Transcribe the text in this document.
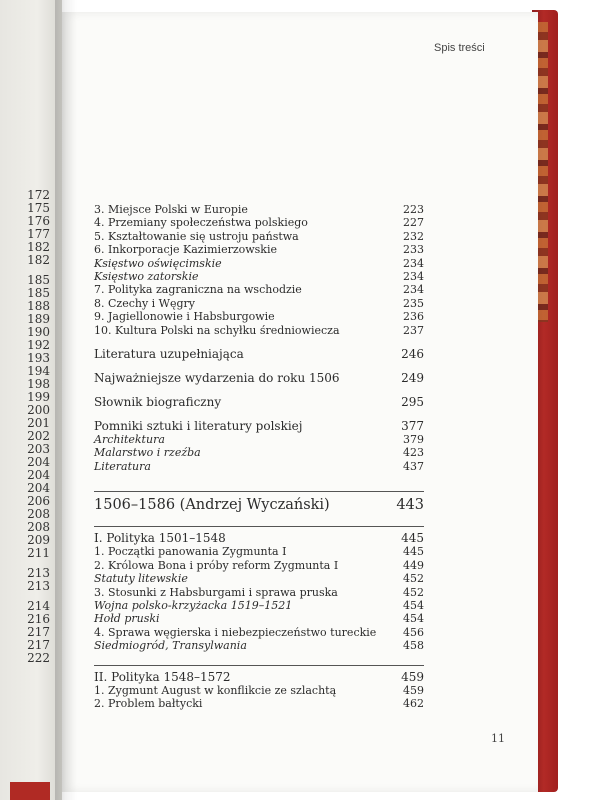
172
175
176
177
182
182
185
185
188
189
190
192
193
194
198
199
200
201
202
203
204
204
204
206
208
208
209
211
213
213
214
216
217
217
222
Spis treści
3. Miejsce Polski w Europie	223
4. Przemiany społeczeństwa polskiego	227
5. Kształtowanie się ustroju państwa	232
6. Inkorporacje Kazimierzowskie	233
Księstwo oświęcimskie	234
Księstwo zatorskie	234
7. Polityka zagraniczna na wschodzie	234
8. Czechy i Węgry	235
9. Jagiellonowie i Habsburgowie	236
10. Kultura Polski na schyłku średniowiecza	237
Literatura uzupełniająca	246
Najważniejsze wydarzenia do roku 1506	249
Słownik biograficzny	295
Pomniki sztuki i literatury polskiej	377
Architektura	379
Malarstwo i rzeźba	423
Literatura	437
1506–1586 (Andrzej Wyczański)	443
I. Polityka 1501–1548	445
1. Początki panowania Zygmunta I	445
2. Królowa Bona i próby reform Zygmunta I	449
Statuty litewskie	452
3. Stosunki z Habsburgami i sprawa pruska	452
Wojna polsko-krzyżacka 1519–1521	454
Hołd pruski	454
4. Sprawa węgierska i niebezpieczeństwo tureckie 456
Siedmiogród, Transylwania	458
II. Polityka 1548–1572	459
1. Zygmunt August w konflikcie ze szlachtą	459
2. Problem bałtycki	462
11
